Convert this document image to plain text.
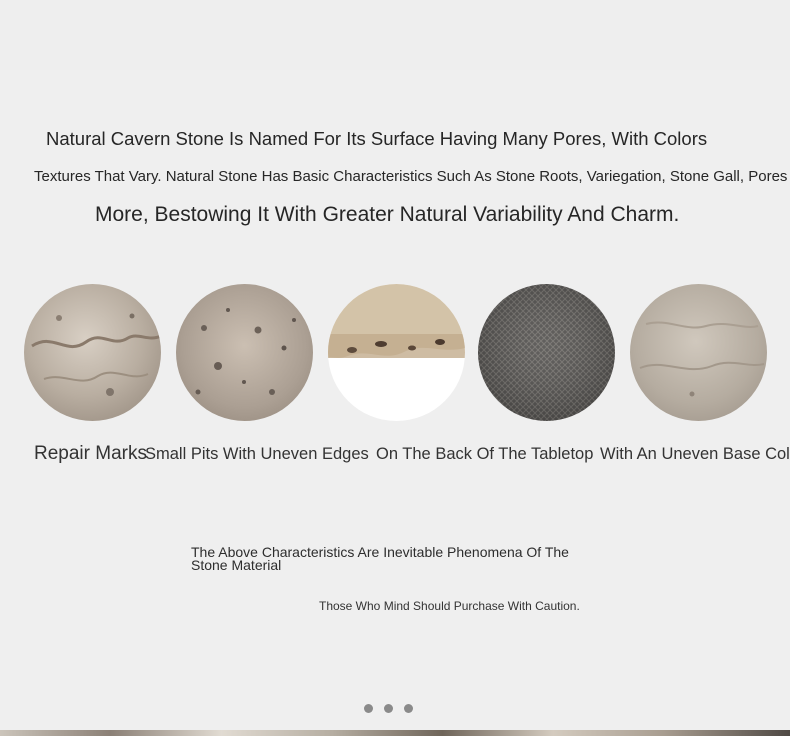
Natural Cavern Stone Is Named For Its Surface Having Many Pores, With Colors
Textures That Vary. Natural Stone Has Basic Characteristics Such As Stone Roots, Variegation, Stone Gall, Pores
More, Bestowing It With Greater Natural Variability And Charm.
Repair Marks
Small Pits With Uneven Edges On The Back Of The Tabletop With An Uneven Base Col
The Above Characteristics Are Inevitable Phenomena Of The Stone Material
Those Who Mind Should Purchase With Caution.
